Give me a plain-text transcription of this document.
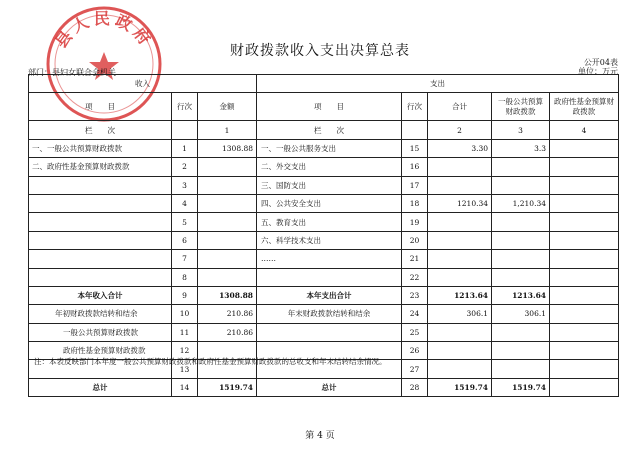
县人民政府	财政拨款收入支出决算总表
公开04表
单位：万元
部门：县妇女联合会机关
收入			支出				
项　　目	行次	金额	项　　目	行次	合计	一般公共预算财政拨款	政府性基金预算财政拨款
栏　　次		1	栏　　次		2	3	4
一、一般公共预算财政拨款	1	1308.88	一、一般公共服务支出	15	3.30	3.3	
二、政府性基金预算财政拨款	2		二、外交支出	16			
	3		三、国防支出	17			
	4		四、公共安全支出	18	1210.34	1,210.34	
	5		五、教育支出	19			
	6		六、科学技术支出	20			
	7		……	21			
	8			22			
本年收入合计	9	1308.88	本年支出合计	23	1213.64	1213.64	
年初财政拨款结转和结余	10	210.86	年末财政拨款结转和结余	24	306.1	306.1	
一般公共预算财政拨款	11	210.86		25			
政府性基金预算财政拨款	12			26			
	13			27			
总计	14	1519.74	总计	28	1519.74	1519.74	
注：本表反映部门本年度一般公共预算财政拨款和政府性基金预算财政拨款的总收支和年末结转结余情况。
第 4 页
